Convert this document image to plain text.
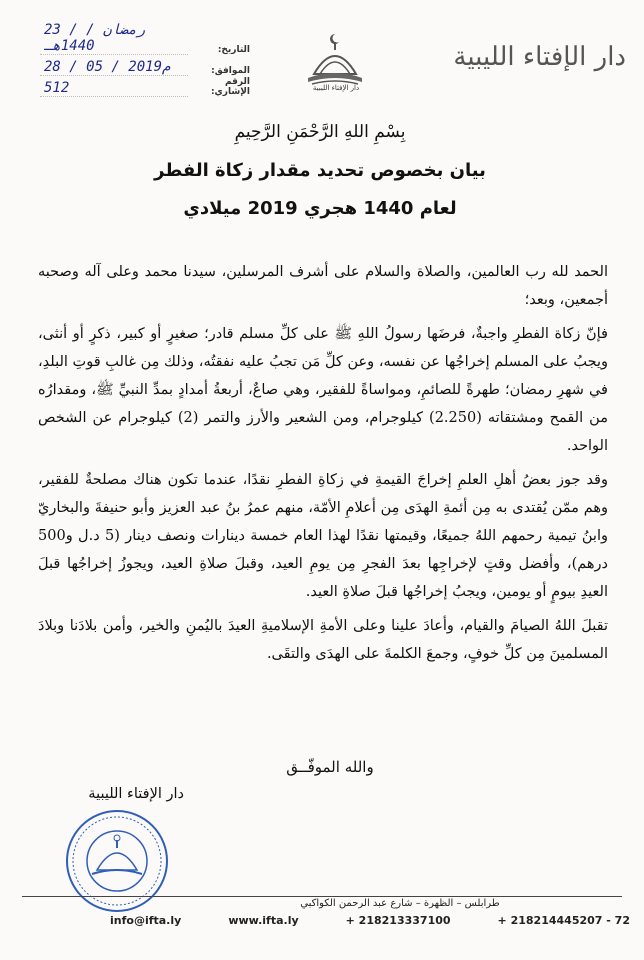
دار الإفتاء الليبية
دار الإفتاء الليبية
التاريخ:
23 / رمضان / 1440هـ
الموافق:
28 / 05 / 2019م
الرقم الإشاري:
512
بِسْمِ اللهِ الرَّحْمَنِ الرَّحِيمِ
بيان بخصوص تحديد مقدار زكاة الفطر
لعام 1440 هجري 2019 ميلادي

الحمد لله رب العالمين، والصلاة والسلام على أشرف المرسلين، سيدنا محمد وعلى آله وصحبه أجمعين، وبعد؛

فإنّ زكاة الفطرِ واجبةٌ، فرضَها رسولُ اللهِ ﷺ على كلِّ مسلم قادر؛ صغيرٍ أو كبير، ذكرٍ أو أنثى، ويجبُ على المسلم إخراجُها عن نفسه، وعن كلِّ مَن تجبُ عليه نفقتُه، وذلك مِن غالبِ قوتِ البلدِ، في شهرِ رمضان؛ طهرةً للصائمِ، ومواساةً للفقير، وهي صاعٌ، أربعةُ أمدادٍ بمدِّ النبيِّ ﷺ، ومقدارُه من القمح ومشتقاته (2.250) كيلوجرام، ومن الشعير والأرز والتمر (2) كيلوجرام عن الشخص الواحد.

وقد جوز بعضُ أهلِ العلمِ إخراجَ القيمةِ في زكاةِ الفطرِ نقدًا، عندما تكون هناك مصلحةٌ للفقير، وهم ممّن يُقتدى به مِن أئمةِ الهدَى مِن أعلامِ الأمّة، منهم عمرُ بنُ عبد العزيز وأبو حنيفةَ والبخاريّ وابنُ تيمية رحمهم اللهُ جميعًا، وقيمتها نقدًا لهذا العام خمسة دينارات ونصف دينار (5 د.ل و500 درهم)، وأفضل وقتٍ لإخراجِها بعدَ الفجرِ مِن يومِ العيد، وقبلَ صلاةِ العيد، ويجوزُ إخراجُها قبلَ العيدِ بيومٍ أو يومين، ويجبُ إخراجُها قبلَ صلاةِ العيد.

تقبلَ اللهُ الصيامَ والقيام، وأعادَ علينا وعلى الأمةِ الإسلاميةِ العيدَ باليُمنِ والخير، وأمن بلادَنا وبلادَ المسلمينَ مِن كلِّ خوفٍ، وجمعَ الكلمةَ على الهدَى والتقَى.

والله الموفّــق
دار الإفتاء الليبية
طرابلس – الظهرة – شارع عبد الرحمن الكواكبي
info@ifta.ly	www.ifta.ly	+ 218213337100	+ 218214445207 - 72
